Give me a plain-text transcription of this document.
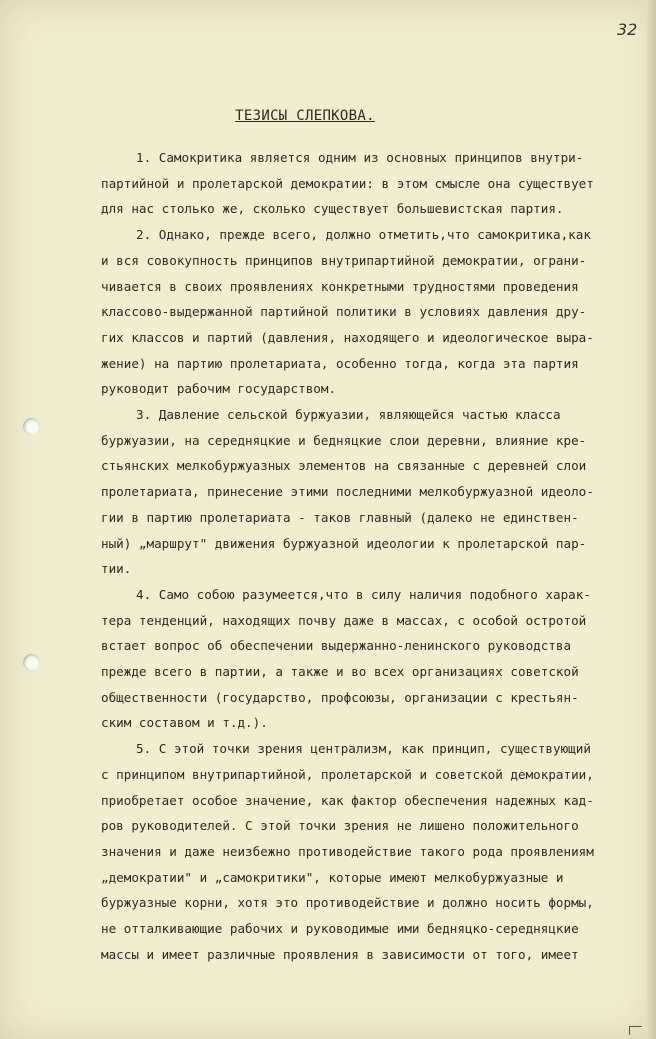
32
ТЕЗИСЫ СЛЕПКОВА.

1. Самокритика является одним из основных принципов внутри-
партийной и пролетарской демократии: в этом смысле она существует
для нас столько же, сколько существует большевистская партия.

2. Однако, прежде всего, должно отметить,что самокритика,как
и вся совокупность принципов внутрипартийной демократии, ограни-
чивается в своих проявлениях конкретными трудностями проведения
классово-выдержанной партийной политики в условиях давления дру-
гих классов и партий (давления, находящего и идеологическое выра-
жение) на партию пролетариата, особенно тогда, когда эта партия
руководит рабочим государством.

3. Давление сельской буржуазии, являющейся частью класса
буржуазии, на середняцкие и бедняцкие слои деревни, влияние кре-
стьянских мелкобуржуазных элементов на связанные с деревней слои
пролетариата, принесение этими последними мелкобуржуазной идеоло-
гии в партию пролетариата - таков главный (далеко не единствен-
ный) „маршрут" движения буржуазной идеологии к пролетарской пар-
тии.

4. Само собою разумеется,что в силу наличия подобного харак-
тера тенденций, находящих почву даже в массах, с особой остротой
встает вопрос об обеспечении выдержанно-ленинского руководства
прежде всего в партии, а также и во всех организациях советской
общественности (государство, профсоюзы, организации с крестьян-
ским составом и т.д.).

5. С этой точки зрения централизм, как принцип, существующий
с принципом внутрипартийной, пролетарской и советской демократии,
приобретает особое значение, как фактор обеспечения надежных кад-
ров руководителей. С этой точки зрения не лишено положительного
значения и даже неизбежно противодействие такого рода проявлениям
„демократии" и „самокритики", которые имеют мелкобуржуазные и
буржуазные корни, хотя это противодействие и должно носить формы,
не отталкивающие рабочих и руководимые ими бедняцко-середняцкие
массы и имеет различные проявления в зависимости от того, имеет
